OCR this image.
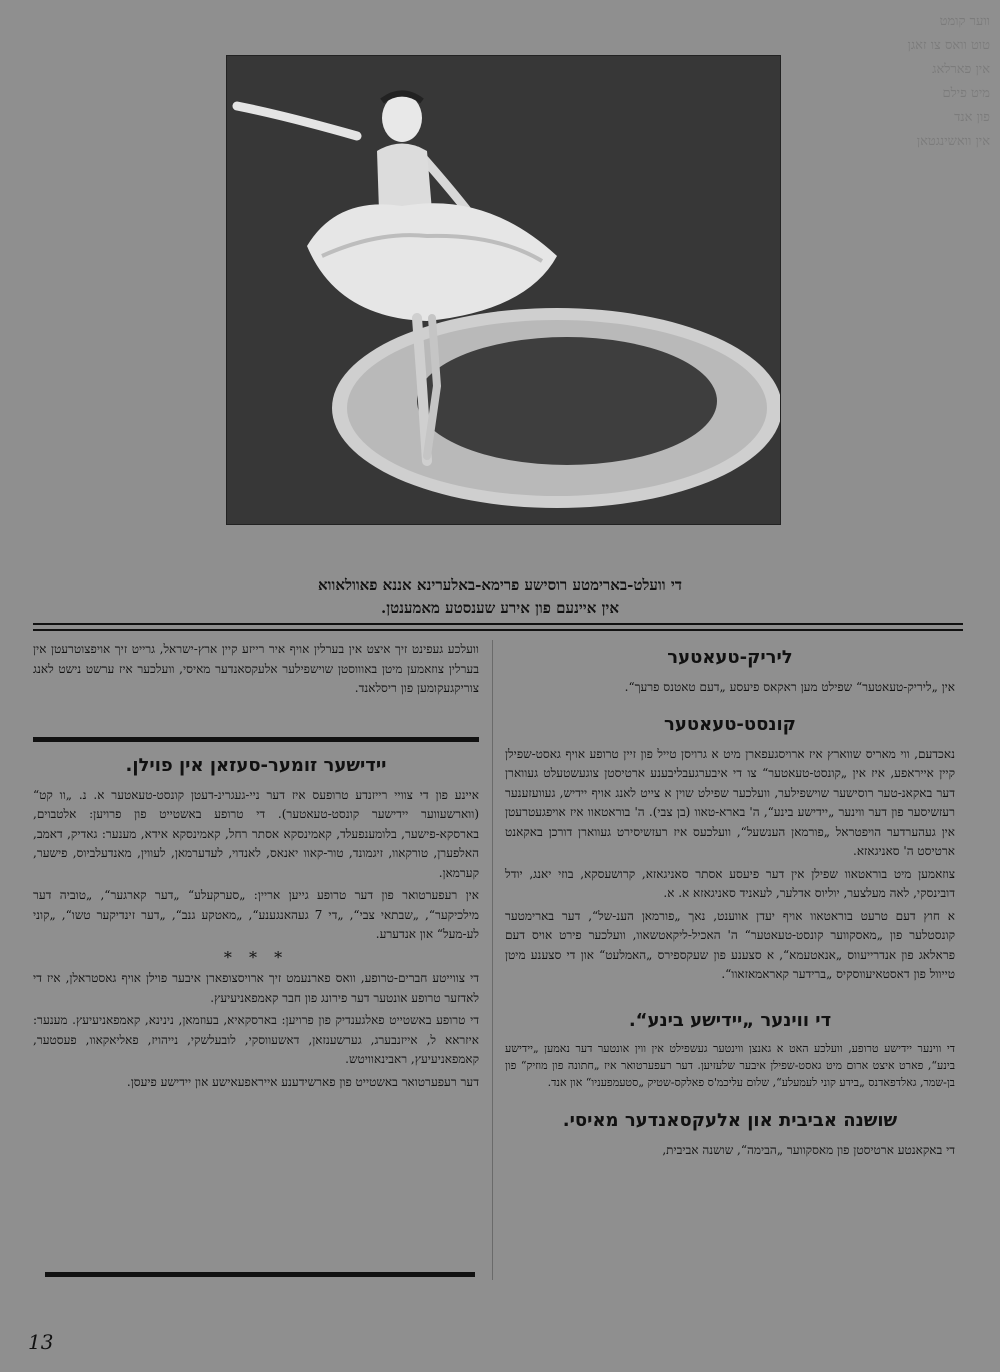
ווער קומט
טוט וואס צו זאגן
אין פארלאג
מיט פילם
פון אנד
אין וואשינגטאן
די וועלט-בארימטע רוסישע פרימא-באלערינא אננא פאוולאווא
אין איינעם פון אירע שענסטע מאמענטן.
ליריק-טעאטער

אין „ליריק-טעאטער“ שפילט מען ראקאס פיעסע „דעם טאטנס פרעך“.

קונסט-טעאטער

נאכדעם, ווי מאריס שווארץ איז ארויסגעפארן מיט א גרויסן טייל פון זיין טרופע אויף גאסט-שפילן קיין אייראפע, איז אין „קונסט-טעאטער“ צו די איבערגעבליבענע ארטיסטן צוגעשטעלט געווארן דער באקאנ-טער רוסישער שוישפילער, וועלכער שפילט שוין א צייט לאנג אויף יידיש, געוועזענער רעזשיסער פון דער ווינער „יידישע בינע“, ה' בארא-טאוו (בן צבי). ה' בוראטאוו איז אויפגעטרעטן אין געהערדער הויפטראל „פורמאן הענשעל“, וועלכעס איז רעזשיסירט געווארן דורכן באקאנט ארטיסט ה' סאניגאזא.

צוזאמען מיט בוראטאוו שפילן אין דער פיעסע אסתר סאניגאזא, קרושעסקא, בוזי יאנג, יודל דובינסקי, לאה מעלצער, יוליוס אדלער, לעאניד סאניגאזא א. א.

א חוץ דעם טרעט בוראטאוו אויף יעדן אווענט, נאך „פורמאן הענ-של“, דער בארימטער קונסטלער פון „מאסקווער קונסט-טעאטער“ ה' האכיל-ליקאטשאוו, וועלכער פירט אויס דעם פראלאג פון אנדרייעווס „אנאטעמא“, א סצענע פון שעקספירס „האמלעט“ און די סצענע מיטן טייוול פון דאסטאיעווסקיס „ברידער קאראמאזאוו“.

די ווינער „יידישע בינע“.

די ווינער יידישע טרופע, וועלכע האט א גאנצן ווינטער געשפילט אין ווין אונטער דער נאמען „יידישע בינע“, פארט איצט ארום מיט גאסט-שפילן איבער שלעזיען. דער רעפערטואר איז „חתונה פון מוזיק“ פון בן-שמר, גאלדפאדנס „בידע קוני לעמעלע“, שלום עליכמ'ס פאלקס-שטיק „סטעמפעניו“ און אנד.

שושנה אביבית און אלעקסאנדער מאיסי.

די באקאנטע ארטיסטן פון מאסקווער „הבימה“, שושנה אביבית,

וועלכע געפינט זיך איצט אין בערלין אויף איר רייזע קיין ארץ-ישראל, גרייט זיך אויפצוטרעטן אין בערלין צוזאמען מיטן באוווסטן שוישפילער אלעקסאנדער מאיסי, וועלכער איז ערשט נישט לאנג צוריקגעקומען פון ריסלאנד.

יידישער זומער-סעזאן אין פוילן.

איינע פון די צוויי רייזנדע טרופעס איז דער ניי-געגרינ-דעטן קונסט-טעאטער א. נ. „וו קט“ (ווארשעווער יידישער קונסט-טעאטער). די טרופע באשטייט פון פרויען: אלטבוים, בארסקא-פישער, בלומענפעלד, קאמינסקא אסתר רחל, קאמינסקא אידא, מענער: גאדיק, דאמב, האלפערן, טורקאוו, זיגמונד, טור-קאוו יאנאס, לאנדוי, לעדערמאן, לעווין, מאנדעלביוס, פישער, קערמאן.

אין רעפערטואר פון דער טרופע גייען אריין: „סערקעלע“ „דער קארגער“, „טוביה דער מילכיקער“, „שבתאי צבי“, „די 7 געהאנגענע“, „מאטקע גנב“, „דער זינדיקער טשו“, „קוני לע-מעל“ און אנדערע.

* * *

די צווייטע חברים-טרופע, וואס פארנעמט זיך ארויסצופארן איבער פוילן אויף גאסטראלן, איז די לאדזער טרופע אונטער דער פירונג פון חבר קאמפאניעיעץ.

די טרופע באשטייט פאלגענדיק פון פרויען: בארסקאיא, בעוזמאן, נינינא, קאמפאניעיעץ. מענער: איזראא ל, אייזנבערג, גערשענזאן, דאשעווסקי, לובעלשקי, נייהויז, פאליאקאוו, פעסטער, קאמפאניעיעץ, ראבינאוויטש.

דער רעפערטואר באשטייט פון פארשידענע אייראפעאישע און יידישע פיעסן.

13
